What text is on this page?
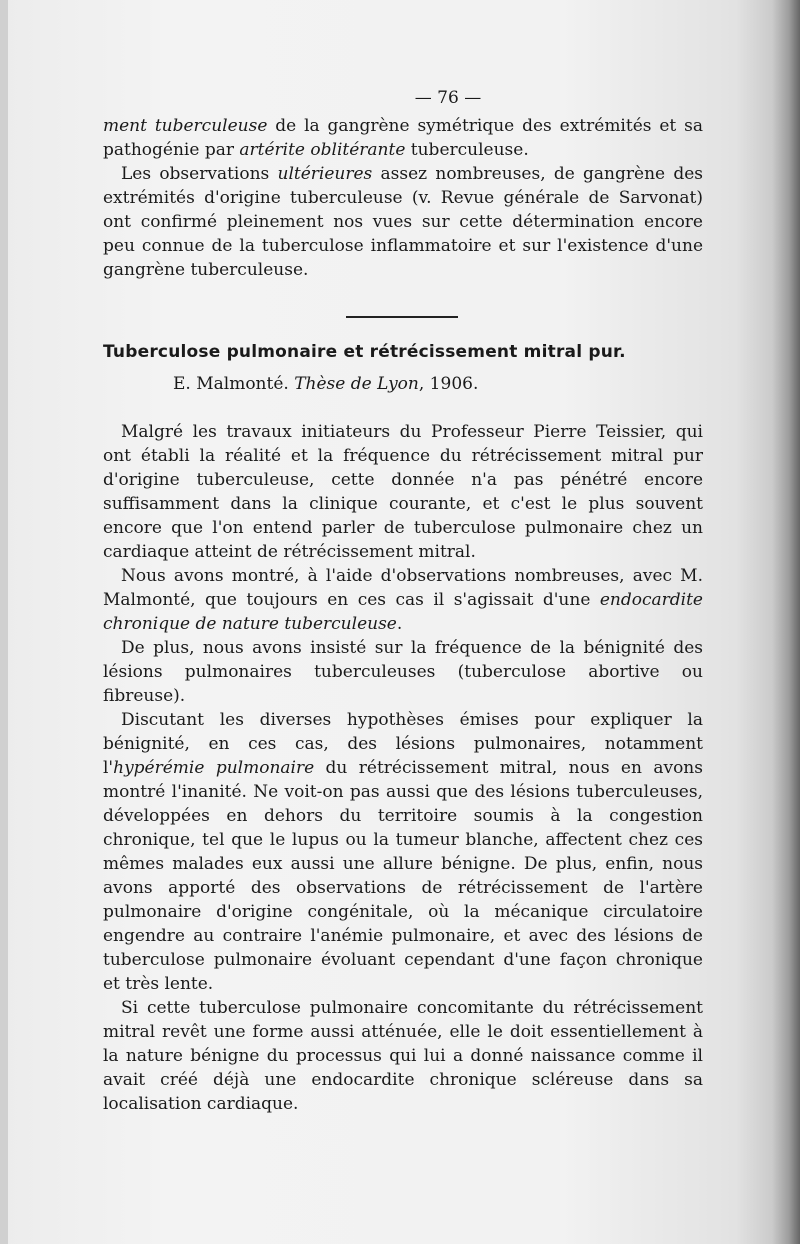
— 76 —

ment tuberculeuse de la gangrène symétrique des extrémités et sa pathogénie par artérite oblitérante tuberculeuse.

Les observations ultérieures assez nombreuses, de gangrène des extrémités d'origine tuberculeuse (v. Revue générale de Sarvonat) ont confirmé pleinement nos vues sur cette détermination encore peu connue de la tuberculose inflammatoire et sur l'existence d'une gangrène tuberculeuse.

Tuberculose pulmonaire et rétrécissement mitral pur.
E. Malmonté. Thèse de Lyon, 1906.

Malgré les travaux initiateurs du Professeur Pierre Teissier, qui ont établi la réalité et la fréquence du rétrécissement mitral pur d'origine tuberculeuse, cette donnée n'a pas pénétré encore suffisamment dans la clinique courante, et c'est le plus souvent encore que l'on entend parler de tuberculose pulmonaire chez un cardiaque atteint de rétrécissement mitral.

Nous avons montré, à l'aide d'observations nombreuses, avec M. Malmonté, que toujours en ces cas il s'agissait d'une endocardite chronique de nature tuberculeuse.

De plus, nous avons insisté sur la fréquence de la bénignité des lésions pulmonaires tuberculeuses (tuberculose abortive ou fibreuse).

Discutant les diverses hypothèses émises pour expliquer la bénignité, en ces cas, des lésions pulmonaires, notamment l'hypérémie pulmonaire du rétrécissement mitral, nous en avons montré l'inanité. Ne voit-on pas aussi que des lésions tuberculeuses, développées en dehors du territoire soumis à la congestion chronique, tel que le lupus ou la tumeur blanche, affectent chez ces mêmes malades eux aussi une allure bénigne. De plus, enfin, nous avons apporté des observations de rétrécissement de l'artère pulmonaire d'origine congénitale, où la mécanique circulatoire engendre au contraire l'anémie pulmonaire, et avec des lésions de tuberculose pulmonaire évoluant cependant d'une façon chronique et très lente.

Si cette tuberculose pulmonaire concomitante du rétrécissement mitral revêt une forme aussi atténuée, elle le doit essentiellement à la nature bénigne du processus qui lui a donné naissance comme il avait créé déjà une endocardite chronique scléreuse dans sa localisation cardiaque.
